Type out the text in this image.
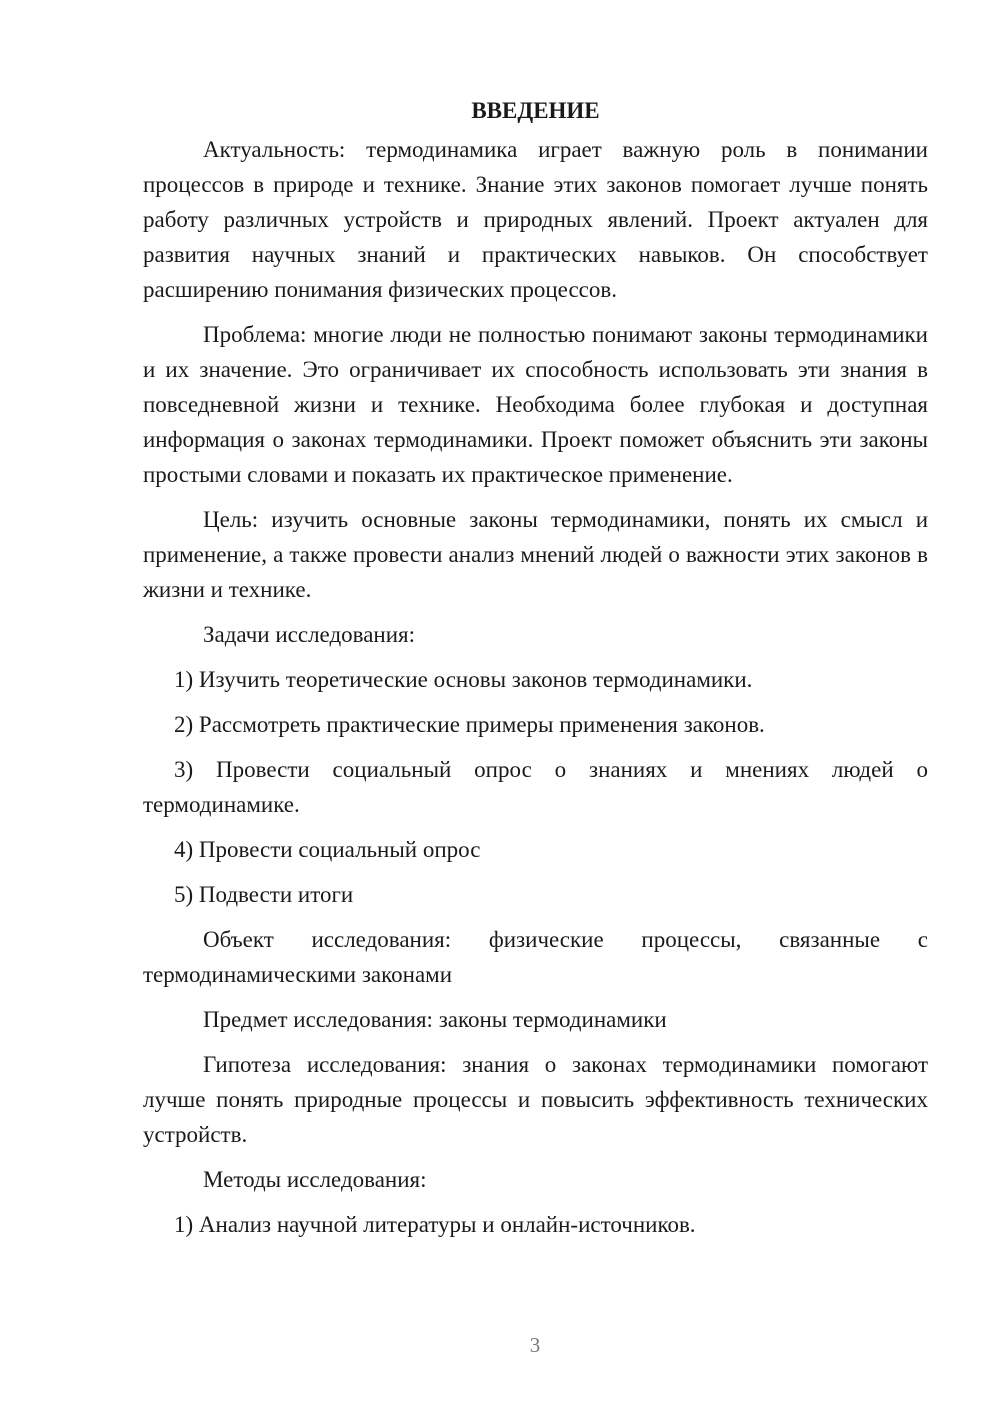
ВВЕДЕНИЕ

Актуальность: термодинамика играет важную роль в понимании процессов в природе и технике. Знание этих законов помогает лучше понять работу различных устройств и природных явлений. Проект актуален для развития научных знаний и практических навыков. Он способствует расширению понимания физических процессов.

Проблема: многие люди не полностью понимают законы термодинамики и их значение. Это ограничивает их способность использовать эти знания в повседневной жизни и технике. Необходима более глубокая и доступная информация о законах термодинамики. Проект поможет объяснить эти законы простыми словами и показать их практическое применение.

Цель: изучить основные законы термодинамики, понять их смысл и применение, а также провести анализ мнений людей о важности этих законов в жизни и технике.

Задачи исследования:

1) Изучить теоретические основы законов термодинамики.

2) Рассмотреть практические примеры применения законов.

3) Провести социальный опрос о знаниях и мнениях людей о термодинамике.

4) Провести социальный опрос

5) Подвести итоги

Объект исследования: физические процессы, связанные с термодинамическими законами

Предмет исследования: законы термодинамики

Гипотеза исследования: знания о законах термодинамики помогают лучше понять природные процессы и повысить эффективность технических устройств.

Методы исследования:

1) Анализ научной литературы и онлайн-источников.

3
